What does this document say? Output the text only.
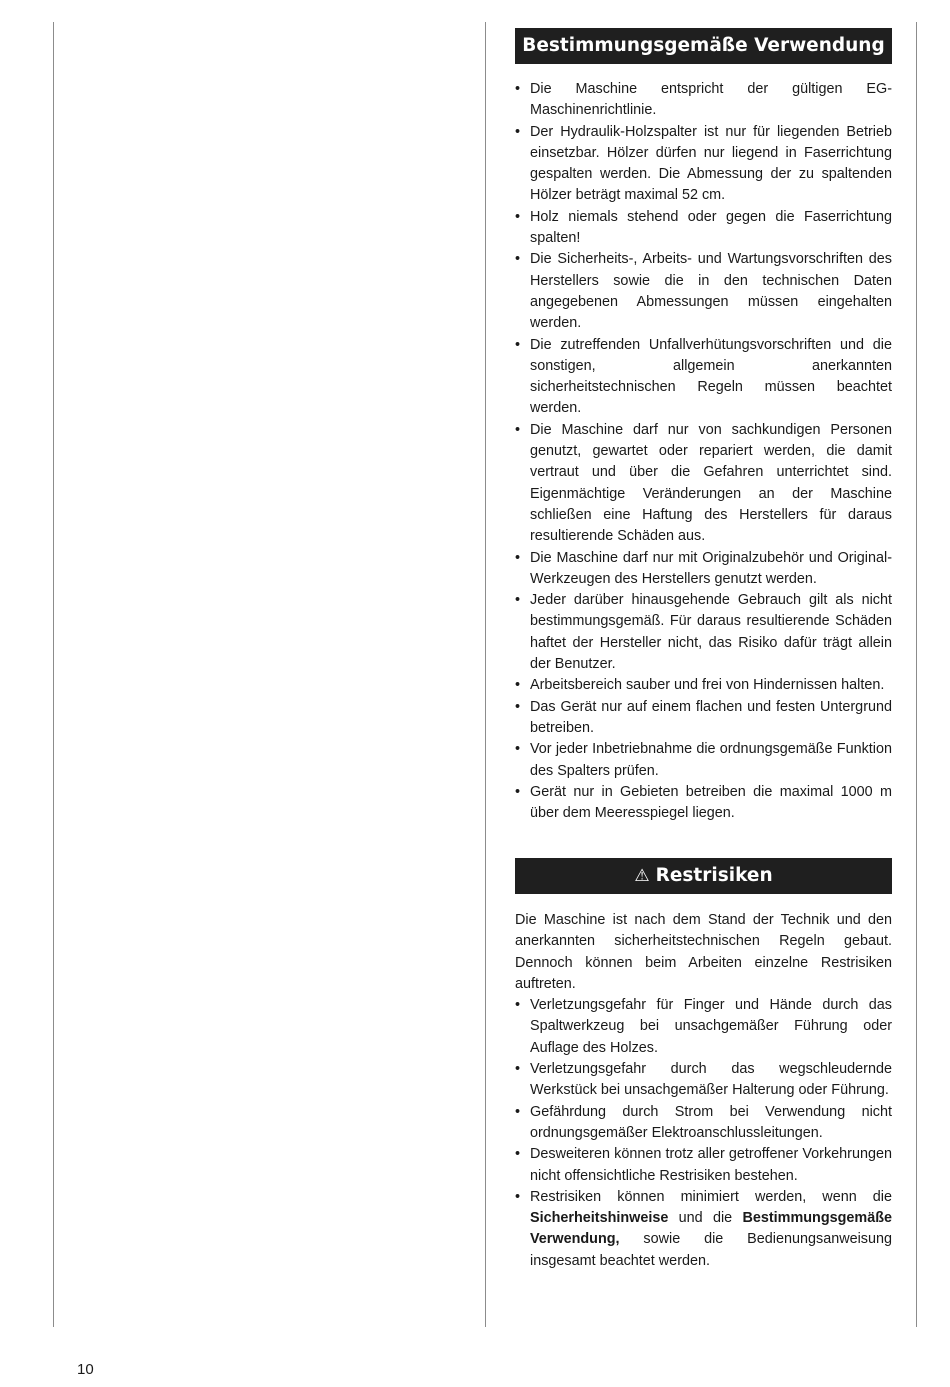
Bestimmungsgemäße Verwendung
• Die Maschine entspricht der gültigen EG-Maschinenrichtlinie.
• Der Hydraulik-Holzspalter ist nur für liegenden Betrieb einsetzbar. Hölzer dürfen nur liegend in Faserrichtung gespalten werden. Die Abmessung der zu spaltenden Hölzer beträgt maximal 52 cm.
• Holz niemals stehend oder gegen die Faserrichtung spalten!
• Die Sicherheits-, Arbeits- und Wartungsvorschriften des Herstellers sowie die in den technischen Daten angegebenen Abmessungen müssen eingehalten werden.
• Die zutreffenden Unfallverhütungsvorschriften und die sonstigen, allgemein anerkannten sicherheitstechnischen Regeln müssen beachtet werden.
• Die Maschine darf nur von sachkundigen Personen genutzt, gewartet oder repariert werden, die damit vertraut und über die Gefahren unterrichtet sind. Eigenmächtige Veränderungen an der Maschine schließen eine Haftung des Herstellers für daraus resultierende Schäden aus.
• Die Maschine darf nur mit Originalzubehör und Original-Werkzeugen des Herstellers genutzt werden.
• Jeder darüber hinausgehende Gebrauch gilt als nicht bestimmungsgemäß. Für daraus resultierende Schäden haftet der Hersteller nicht, das Risiko dafür trägt allein der Benutzer.
• Arbeitsbereich sauber und frei von Hindernissen halten.
• Das Gerät nur auf einem flachen und festen Untergrund betreiben.
• Vor jeder Inbetriebnahme die ordnungsgemäße Funktion des Spalters prüfen.
• Gerät nur in Gebieten betreiben die maximal 1000 m über dem Meeresspiegel liegen.
⚠ Restrisiken

Die Maschine ist nach dem Stand der Technik und den anerkannten sicherheitstechnischen Regeln gebaut. Dennoch können beim Arbeiten einzelne Restrisiken auftreten.

• Verletzungsgefahr für Finger und Hände durch das Spaltwerkzeug bei unsachgemäßer Führung oder Auflage des Holzes.
• Verletzungsgefahr durch das wegschleudernde Werkstück bei unsachgemäßer Halterung oder Führung.
• Gefährdung durch Strom bei Verwendung nicht ordnungsgemäßer Elektroanschlussleitungen.
• Desweiteren können trotz aller getroffener Vorkehrungen nicht offensichtliche Restrisiken bestehen.
• Restrisiken können minimiert werden, wenn die Sicherheitshinweise und die Bestimmungsgemäße Verwendung, sowie die Bedienungsanweisung insgesamt beachtet werden.
10
